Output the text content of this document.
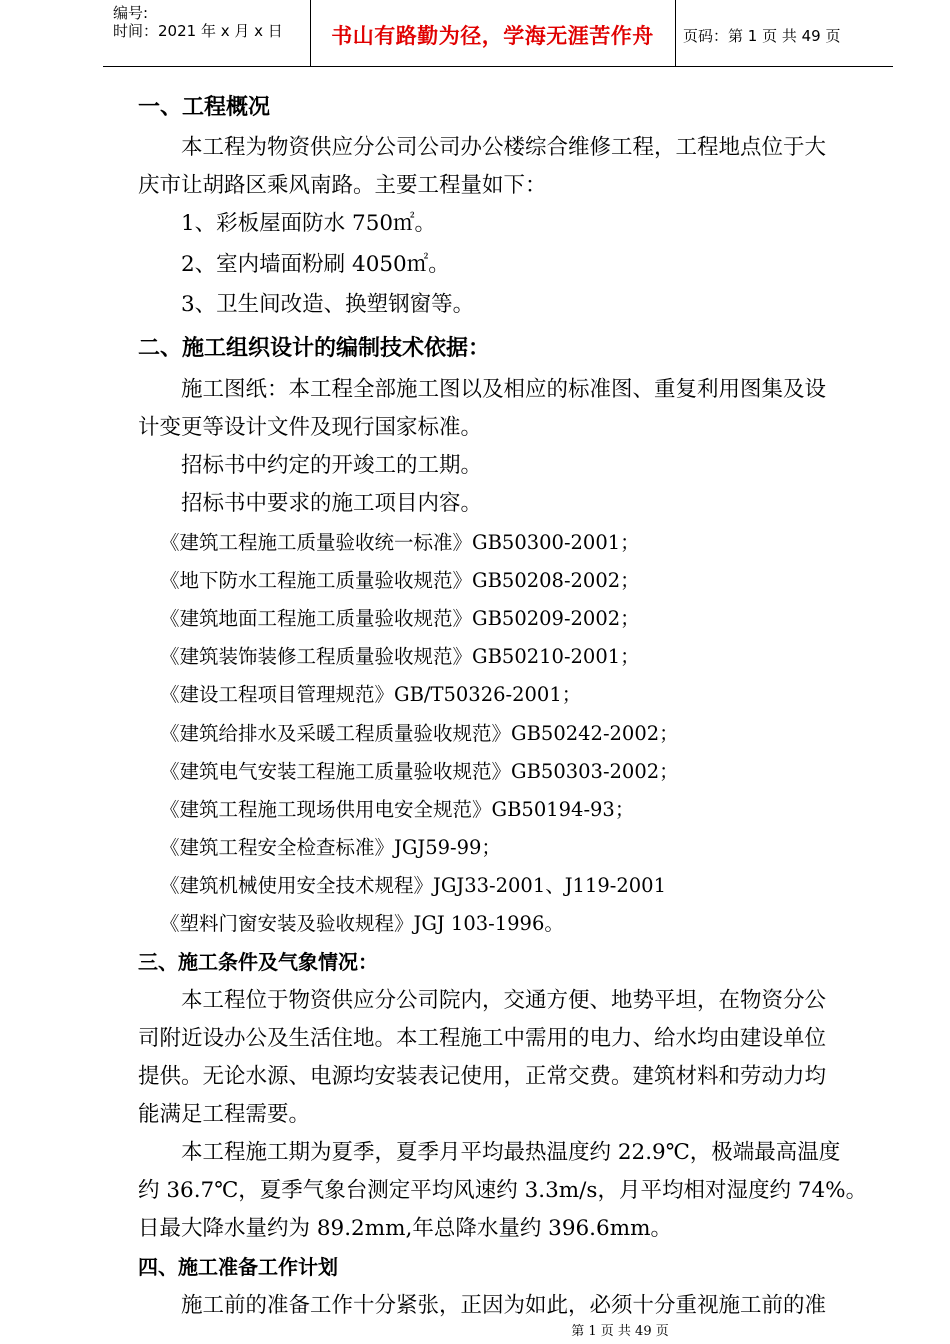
编号:
时间：2021 年 x 月 x 日	书山有路勤为径，学海无涯苦作舟	页码：第 1 页 共 49 页
一、工程概况
本工程为物资供应分公司公司办公楼综合维修工程，工程地点位于大
庆市让胡路区乘风南路。主要工程量如下：
1、彩板屋面防水 750㎡。
2、室内墙面粉刷 4050㎡。
3、卫生间改造、换塑钢窗等。
二、施工组织设计的编制技术依据：
施工图纸：本工程全部施工图以及相应的标准图、重复利用图集及设
计变更等设计文件及现行国家标准。
招标书中约定的开竣工的工期。
招标书中要求的施工项目内容。
《建筑工程施工质量验收统一标准》GB50300-2001；
《地下防水工程施工质量验收规范》GB50208-2002；
《建筑地面工程施工质量验收规范》GB50209-2002；
《建筑装饰装修工程质量验收规范》GB50210-2001；
《建设工程项目管理规范》GB/T50326-2001；
《建筑给排水及采暖工程质量验收规范》GB50242-2002；
《建筑电气安装工程施工质量验收规范》GB50303-2002；
《建筑工程施工现场供用电安全规范》GB50194-93；
《建筑工程安全检查标准》JGJ59-99；
《建筑机械使用安全技术规程》JGJ33-2001、J119-2001
《塑料门窗安装及验收规程》JGJ 103-1996。
三、施工条件及气象情况：
本工程位于物资供应分公司院内，交通方便、地势平坦，在物资分公
司附近设办公及生活住地。本工程施工中需用的电力、给水均由建设单位
提供。无论水源、电源均安装表记使用，正常交费。建筑材料和劳动力均
能满足工程需要。
本工程施工期为夏季，夏季月平均最热温度约 22.9℃，极端最高温度
约 36.7℃，夏季气象台测定平均风速约 3.3m/s，月平均相对湿度约 74%。
日最大降水量约为 89.2mm,年总降水量约 396.6mm。
四、施工准备工作计划
施工前的准备工作十分紧张，正因为如此，必须十分重视施工前的准
第 1 页 共 49 页
